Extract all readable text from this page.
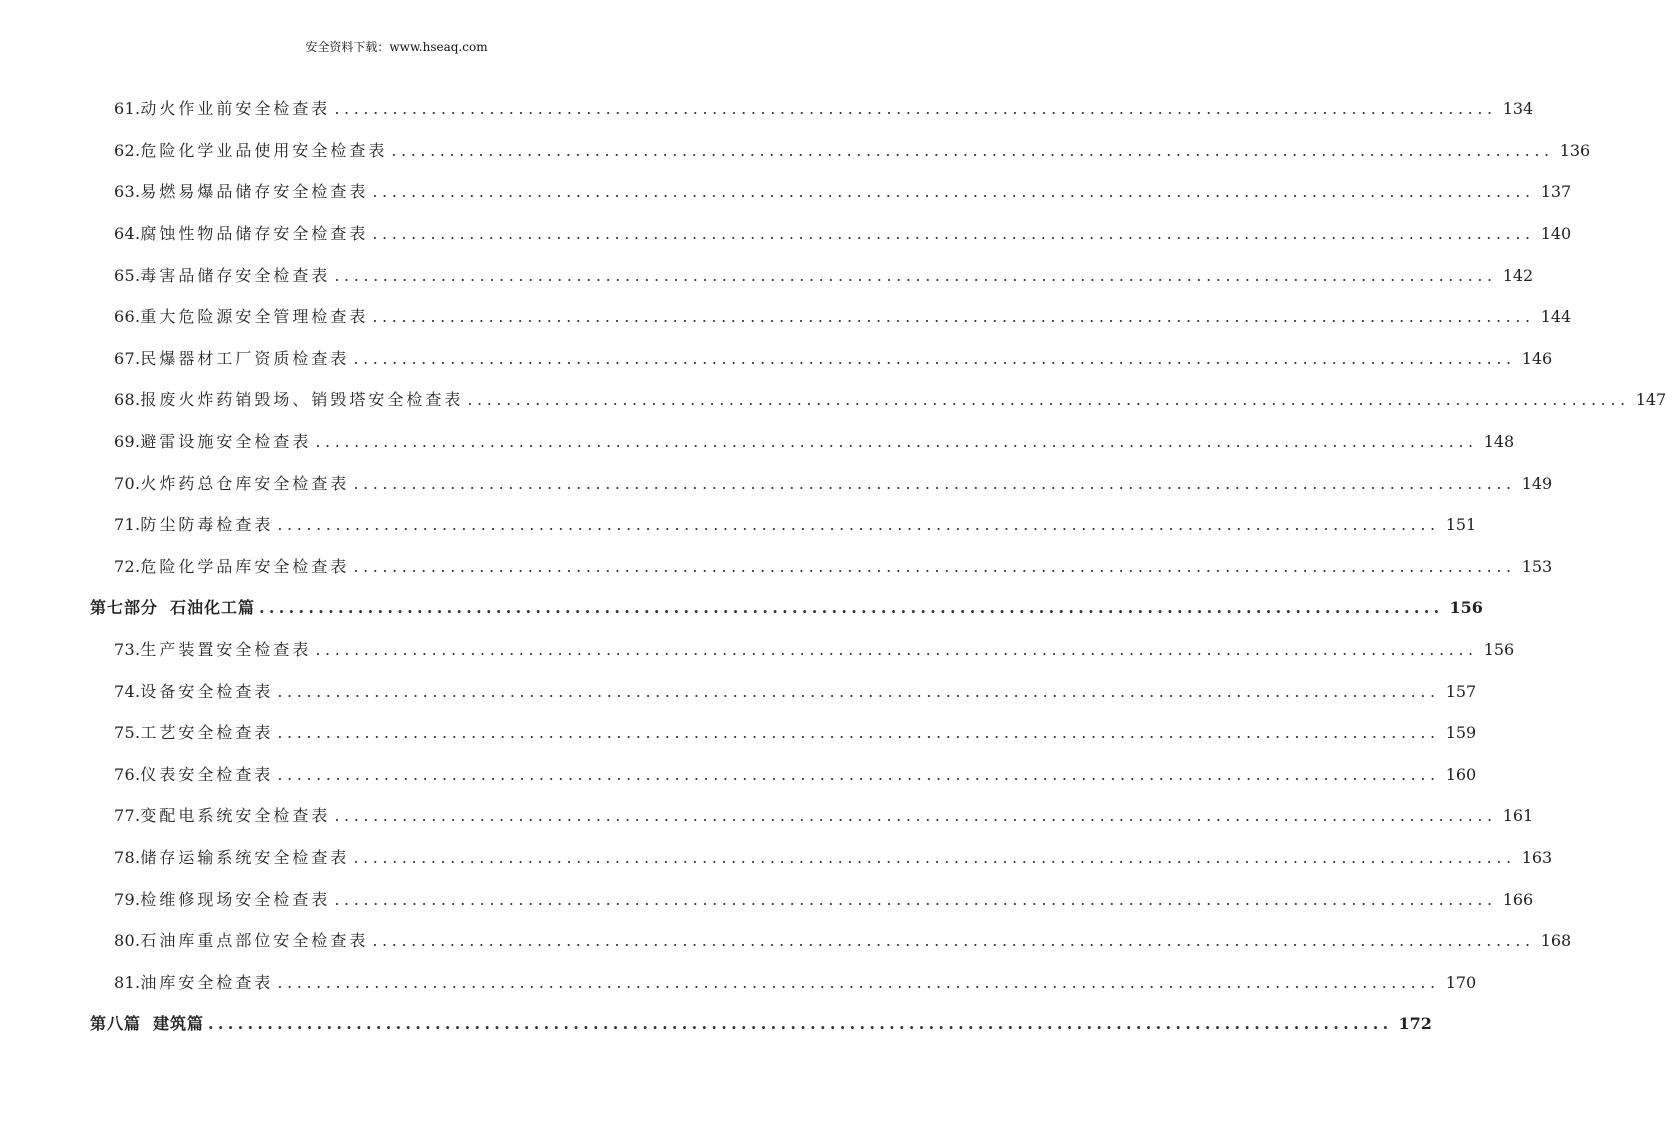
安全资料下载：www.hseaq.com
61. 动火作业前安全检查表 ........................................................................................................................ 134
62. 危险化学业品使用安全检查表 ........................................................................................................................ 136
63. 易燃易爆品储存安全检查表 ........................................................................................................................ 137
64. 腐蚀性物品储存安全检查表 ........................................................................................................................ 140
65. 毒害品储存安全检查表 ........................................................................................................................ 142
66. 重大危险源安全管理检查表 ........................................................................................................................ 144
67. 民爆器材工厂资质检查表 ........................................................................................................................ 146
68. 报废火炸药销毁场、销毁塔安全检查表 ........................................................................................................................ 147
69. 避雷设施安全检查表 ........................................................................................................................ 148
70. 火炸药总仓库安全检查表 ........................................................................................................................ 149
71. 防尘防毒检查表 ........................................................................................................................ 151
72. 危险化学品库安全检查表 ........................................................................................................................ 153
第七部分 石油化工篇 ........................................................................................................................ 156
73. 生产装置安全检查表 ........................................................................................................................ 156
74. 设备安全检查表 ........................................................................................................................ 157
75. 工艺安全检查表 ........................................................................................................................ 159
76. 仪表安全检查表 ........................................................................................................................ 160
77. 变配电系统安全检查表 ........................................................................................................................ 161
78. 储存运输系统安全检查表 ........................................................................................................................ 163
79. 检维修现场安全检查表 ........................................................................................................................ 166
80. 石油库重点部位安全检查表 ........................................................................................................................ 168
81. 油库安全检查表 ........................................................................................................................ 170
第八篇 建筑篇 ........................................................................................................................ 172
